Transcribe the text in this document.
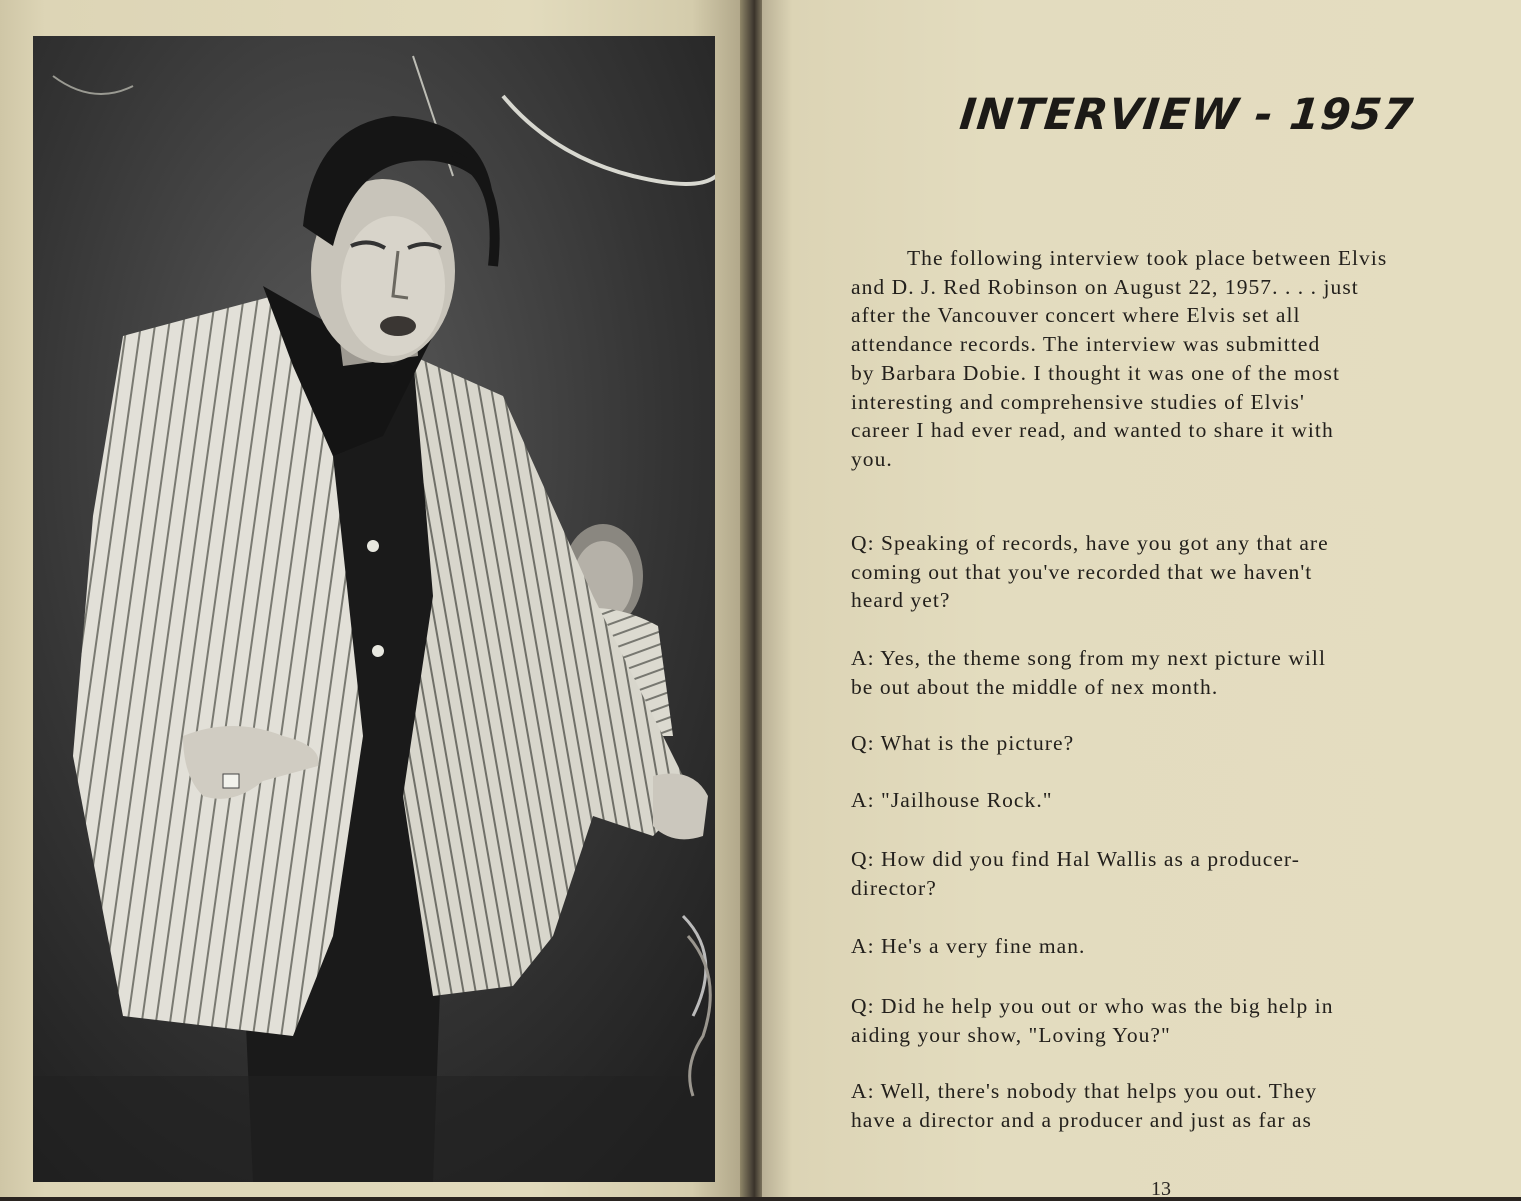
INTERVIEW - 1957
The following interview took place between Elvis
and D. J. Red Robinson on August 22, 1957. . . . just
after the Vancouver concert where Elvis set all
attendance records. The interview was submitted
by Barbara Dobie. I thought it was one of the most
interesting and comprehensive studies of Elvis'
career I had ever read, and wanted to share it with
you.
Q: Speaking of records, have you got any that are
coming out that you've recorded that we haven't
heard yet?
A: Yes, the theme song from my next picture will
be out about the middle of nex month.
Q: What is the picture?
A: "Jailhouse Rock."
Q: How did you find Hal Wallis as a producer-
director?
A: He's a very fine man.
Q: Did he help you out or who was the big help in
aiding your show, "Loving You?"
A: Well, there's nobody that helps you out. They
have a director and a producer and just as far as
13
